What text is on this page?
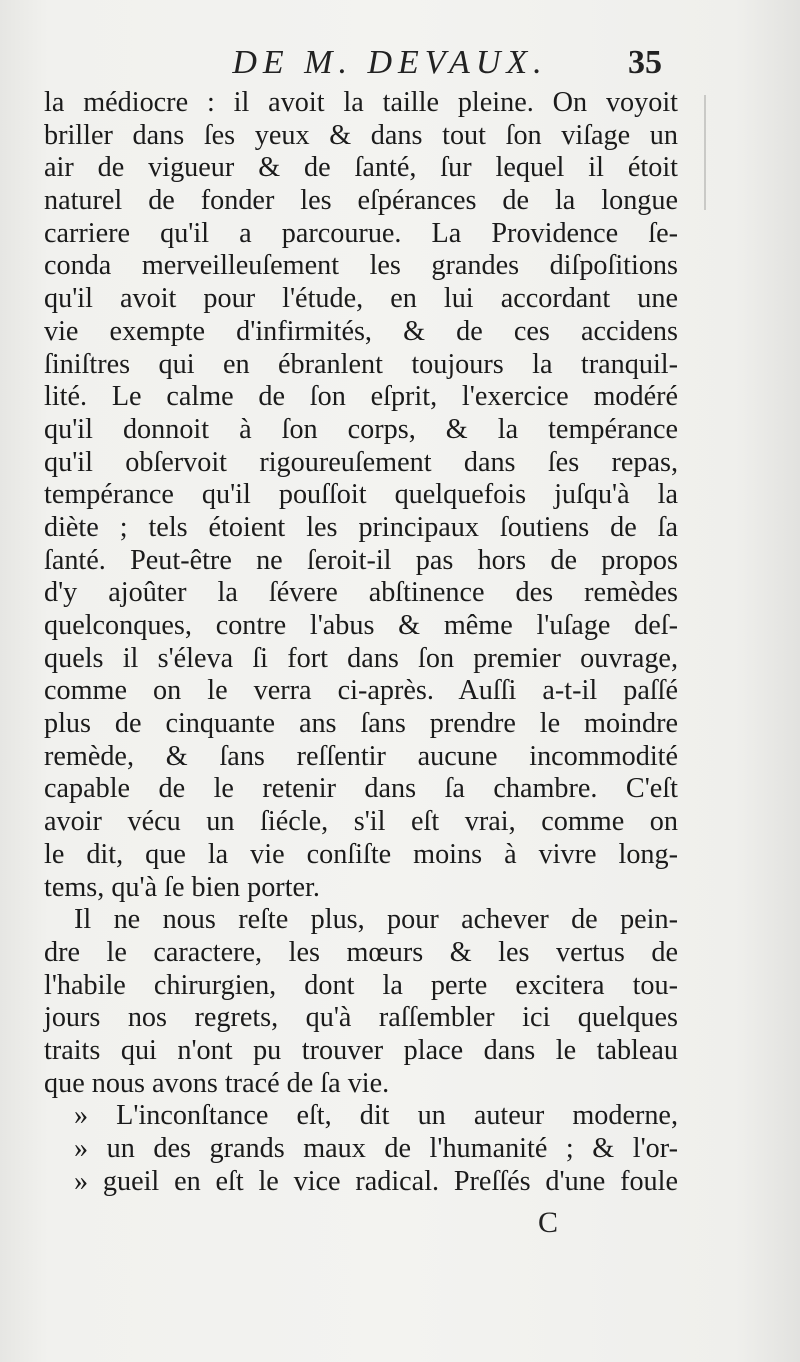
DE M. DEVAUX.	35
la médiocre : il avoit la taille pleine. On voyoit
briller dans ſes yeux & dans tout ſon viſage un
air de vigueur & de ſanté, ſur lequel il étoit
naturel de fonder les eſpérances de la longue
carriere qu'il a parcourue. La Providence ſe-
conda merveilleuſement les grandes diſpoſitions
qu'il avoit pour l'étude, en lui accordant une
vie exempte d'infirmités, & de ces accidens
ſiniſtres qui en ébranlent toujours la tranquil-
lité. Le calme de ſon eſprit, l'exercice modéré
qu'il donnoit à ſon corps, & la tempérance
qu'il obſervoit rigoureuſement dans ſes repas,
tempérance qu'il pouſſoit quelquefois juſqu'à la
diète ; tels étoient les principaux ſoutiens de ſa
ſanté. Peut-être ne ſeroit-il pas hors de propos
d'y ajoûter la ſévere abſtinence des remèdes
quelconques, contre l'abus & même l'uſage deſ-
quels il s'éleva ſi fort dans ſon premier ouvrage,
comme on le verra ci-après. Auſſi a-t-il paſſé
plus de cinquante ans ſans prendre le moindre
remède, & ſans reſſentir aucune incommodité
capable de le retenir dans ſa chambre. C'eſt
avoir vécu un ſiécle, s'il eſt vrai, comme on
le dit, que la vie conſiſte moins à vivre long-
tems, qu'à ſe bien porter.
Il ne nous reſte plus, pour achever de pein-
dre le caractere, les mœurs & les vertus de
l'habile chirurgien, dont la perte excitera tou-
jours nos regrets, qu'à raſſembler ici quelques
traits qui n'ont pu trouver place dans le tableau
que nous avons tracé de ſa vie.
» L'inconſtance eſt, dit un auteur moderne,
» un des grands maux de l'humanité ; & l'or-
» gueil en eſt le vice radical. Preſſés d'une foule
C
